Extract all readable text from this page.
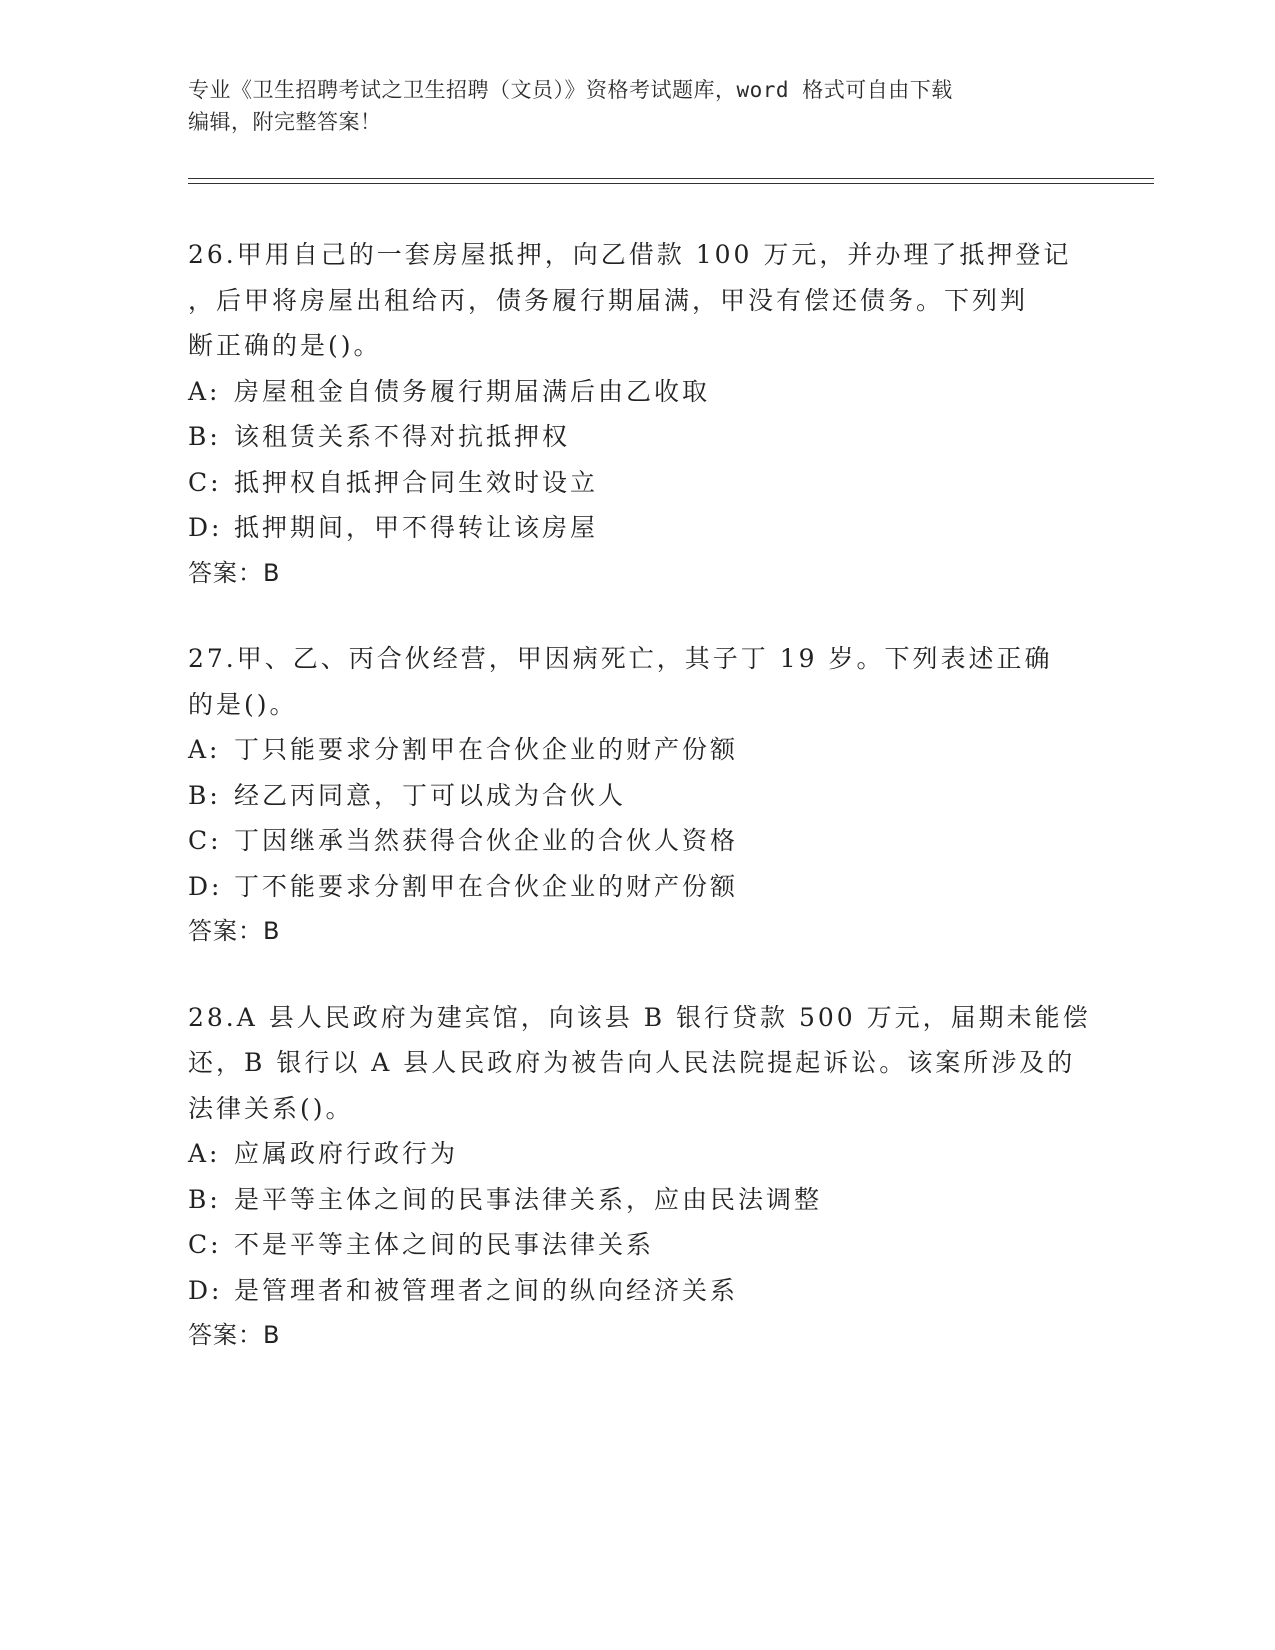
专业《卫生招聘考试之卫生招聘（文员）》资格考试题库，word 格式可自由下载
编辑，附完整答案！
26.甲用自己的一套房屋抵押，向乙借款 100 万元，并办理了抵押登记
，后甲将房屋出租给丙，债务履行期届满，甲没有偿还债务。下列判
断正确的是()。
A: 房屋租金自债务履行期届满后由乙收取
B: 该租赁关系不得对抗抵押权
C: 抵押权自抵押合同生效时设立
D: 抵押期间，甲不得转让该房屋
答案：B
27.甲、乙、丙合伙经营，甲因病死亡，其子丁 19 岁。下列表述正确
的是()。
A: 丁只能要求分割甲在合伙企业的财产份额
B: 经乙丙同意，丁可以成为合伙人
C: 丁因继承当然获得合伙企业的合伙人资格
D: 丁不能要求分割甲在合伙企业的财产份额
答案：B
28.A 县人民政府为建宾馆，向该县 B 银行贷款 500 万元，届期未能偿
还，B 银行以 A 县人民政府为被告向人民法院提起诉讼。该案所涉及的
法律关系()。
A: 应属政府行政行为
B: 是平等主体之间的民事法律关系，应由民法调整
C: 不是平等主体之间的民事法律关系
D: 是管理者和被管理者之间的纵向经济关系
答案：B
